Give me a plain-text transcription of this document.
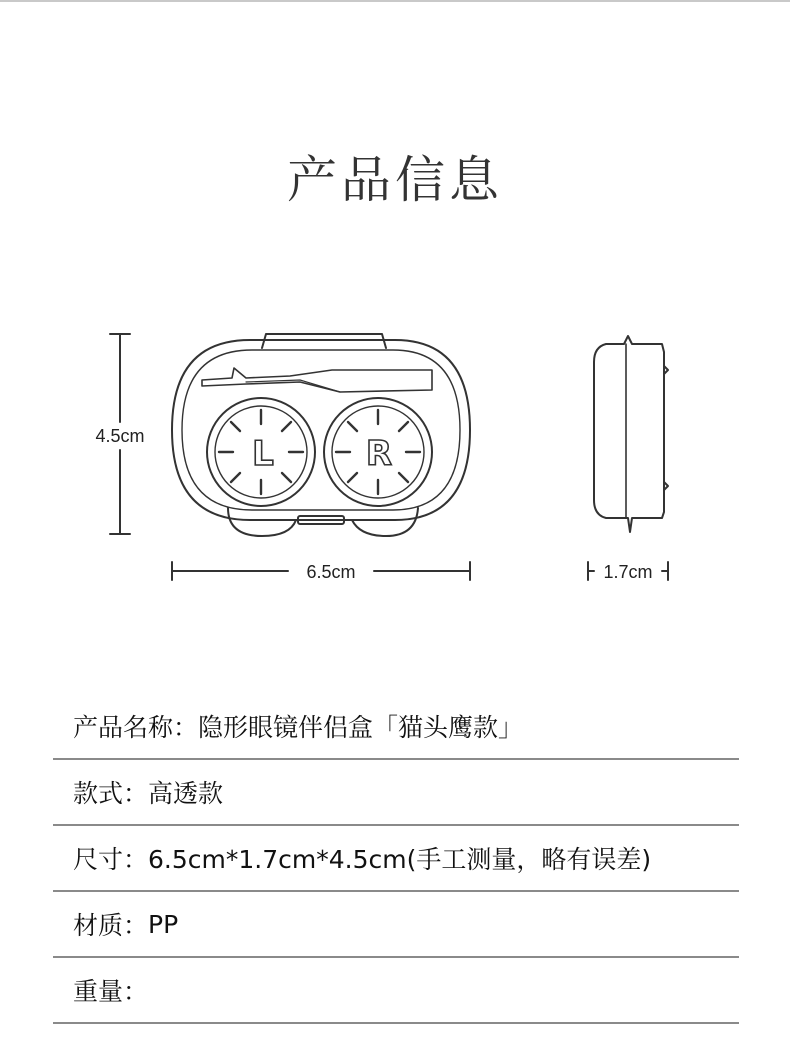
产品信息
L	R
4.5cm
6.5cm	1.7cm
产品名称： 隐形眼镜伴侣盒「猫头鹰款」
款式： 高透款
尺寸： 6.5cm*1.7cm*4.5cm(手工测量，略有误差)
材质： PP
重量：
